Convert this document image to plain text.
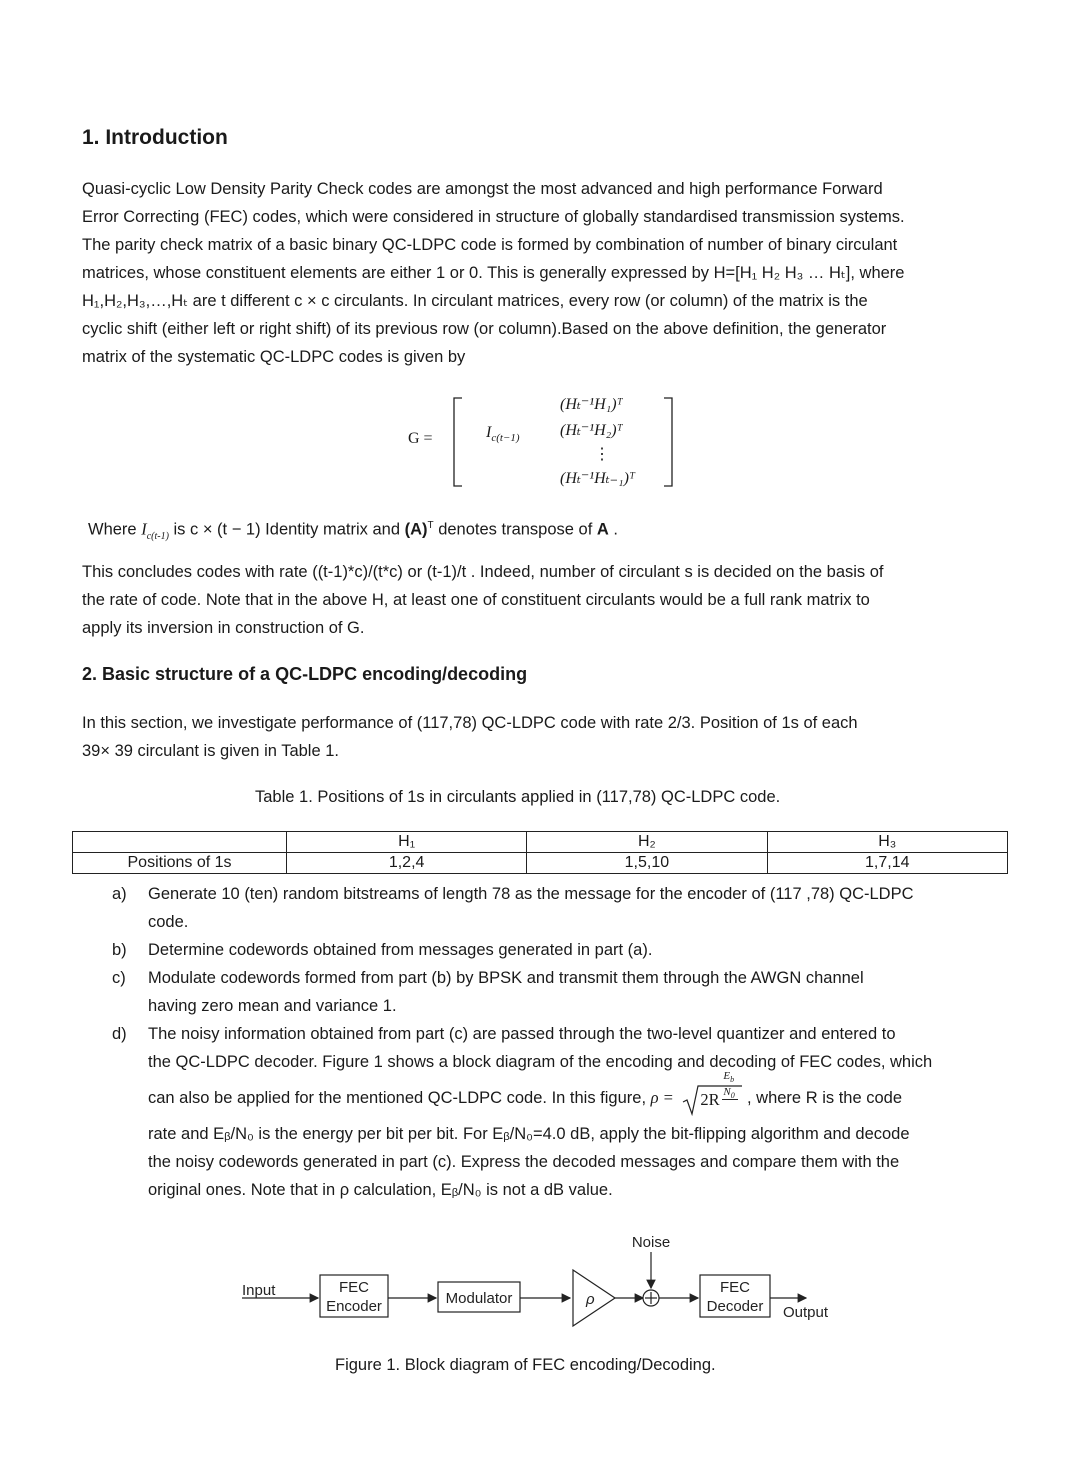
1. Introduction
Quasi-cyclic Low Density Parity Check codes are amongst the most advanced and high performance Forward
Error Correcting (FEC) codes, which were considered in structure of globally standardised transmission systems.
The parity check matrix of a basic binary QC-LDPC code is formed by combination of number of binary circulant
matrices, whose constituent elements are either 1 or 0. This is generally expressed by H=[H₁ H₂ H₃ … Hₜ], where
H₁,H₂,H₃,…,Hₜ are t different c × c circulants. In circulant matrices, every row (or column) of the matrix is the
cyclic shift (either left or right shift) of its previous row (or column).Based on the above definition, the generator
matrix of the systematic QC-LDPC codes is given by
G =	$I_{c(t-1)}$
(Hₜ⁻¹H₁)ᵀ
(Hₜ⁻¹H₂)ᵀ
⋮
(Hₜ⁻¹Hₜ₋₁)ᵀ
Where $I_{c(t-1)}$ is c × (t − 1) Identity matrix and $(A)^T$ denotes transpose of A .
This concludes codes with rate ((t-1)*c)/(t*c) or (t-1)/t . Indeed, number of circulant s is decided on the basis of
the rate of code. Note that in the above H, at least one of constituent circulants would be a full rank matrix to
apply its inversion in construction of G.
2. Basic structure of a QC-LDPC encoding/decoding
In this section, we investigate performance of (117,78) QC-LDPC code with rate 2/3. Position of 1s of each
39× 39 circulant is given in Table 1.
Table 1. Positions of 1s in circulants applied in (117,78) QC-LDPC code.
	H₁	H₂	H₃
Positions of 1s	1,2,4	1,5,10	1,7,14
a) Generate 10 (ten) random bitstreams of length 78 as the message for the encoder of (117 ,78) QC-LDPC
code.
b) Determine codewords obtained from messages generated in part (a).
c) Modulate codewords formed from part (b) by BPSK and transmit them through the AWGN channel
having zero mean and variance 1.
d) The noisy information obtained from part (c) are passed through the two-level quantizer and entered to
the QC-LDPC decoder. Figure 1 shows a block diagram of the encoding and decoding of FEC codes, which
can also be applied for the mentioned QC-LDPC code. In this figure, ρ = 2R
$E_b$
$N_0$ , where R is the code
rate and Eᵦ/N₀ is the energy per bit per bit. For Eᵦ/N₀=4.0 dB, apply the bit-flipping algorithm and decode
the noisy codewords generated in part (c). Express the decoded messages and compare them with the
original ones. Note that in ρ calculation, Eᵦ/N₀ is not a dB value.
Input	FEC
Encoder	Modulator	ρ
Noise
FEC
Decoder Output
Figure 1. Block diagram of FEC encoding/Decoding.
